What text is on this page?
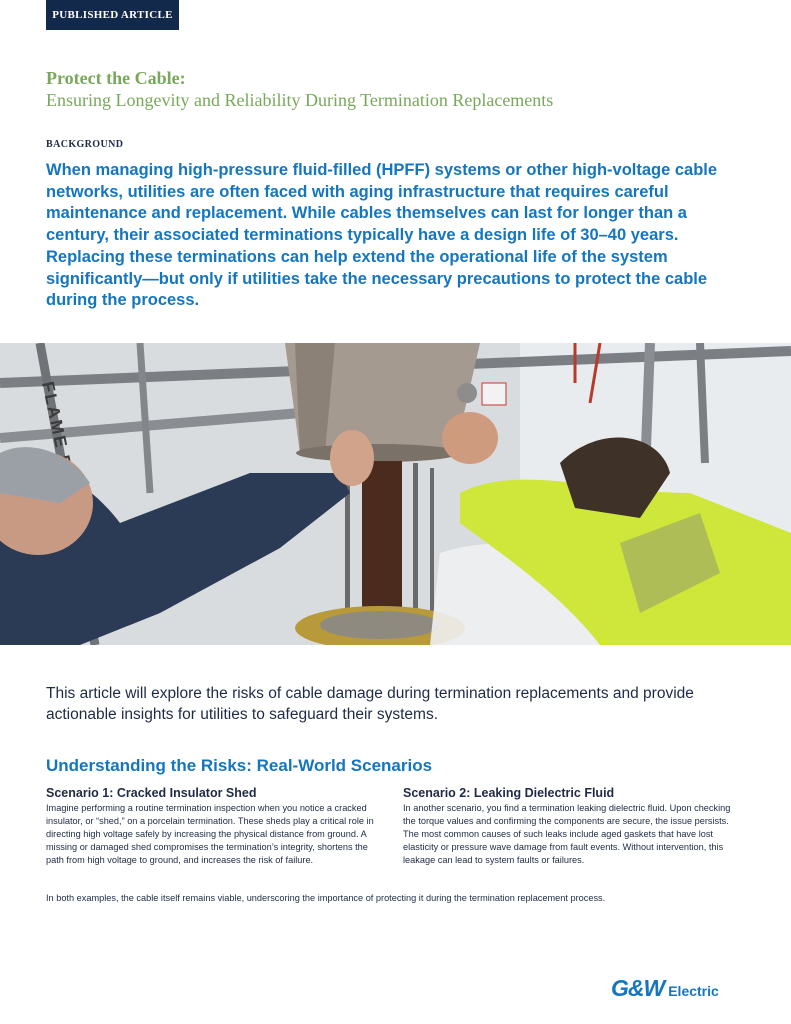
PUBLISHED ARTICLE
Protect the Cable:
Ensuring Longevity and Reliability During Termination Replacements
BACKGROUND

When managing high-pressure fluid-filled (HPFF) systems or other high-voltage cable networks, utilities are often faced with aging infrastructure that requires careful maintenance and replacement. While cables themselves can last for longer than a century, their associated terminations typically have a design life of 30–40 years. Replacing these terminations can help extend the operational life of the system significantly—but only if utilities take the necessary precautions to protect the cable during the process.

FLAME

This article will explore the risks of cable damage during termination replacements and provide actionable insights for utilities to safeguard their systems.

Understanding the Risks: Real-World Scenarios
Scenario 1: Cracked Insulator Shed

Imagine performing a routine termination inspection when you notice a cracked insulator, or “shed,” on a porcelain termination. These sheds play a critical role in directing high voltage safely by increasing the physical distance from ground. A missing or damaged shed compromises the termination’s integrity, shortens the path from high voltage to ground, and increases the risk of failure.

Scenario 2: Leaking Dielectric Fluid

In another scenario, you find a termination leaking dielectric fluid. Upon checking the torque values and confirming the components are secure, the issue persists. The most common causes of such leaks include aged gaskets that have lost elasticity or pressure wave damage from fault events. Without intervention, this leakage can lead to system faults or failures.

In both examples, the cable itself remains viable, underscoring the importance of protecting it during the termination replacement process.

G&W Electric
